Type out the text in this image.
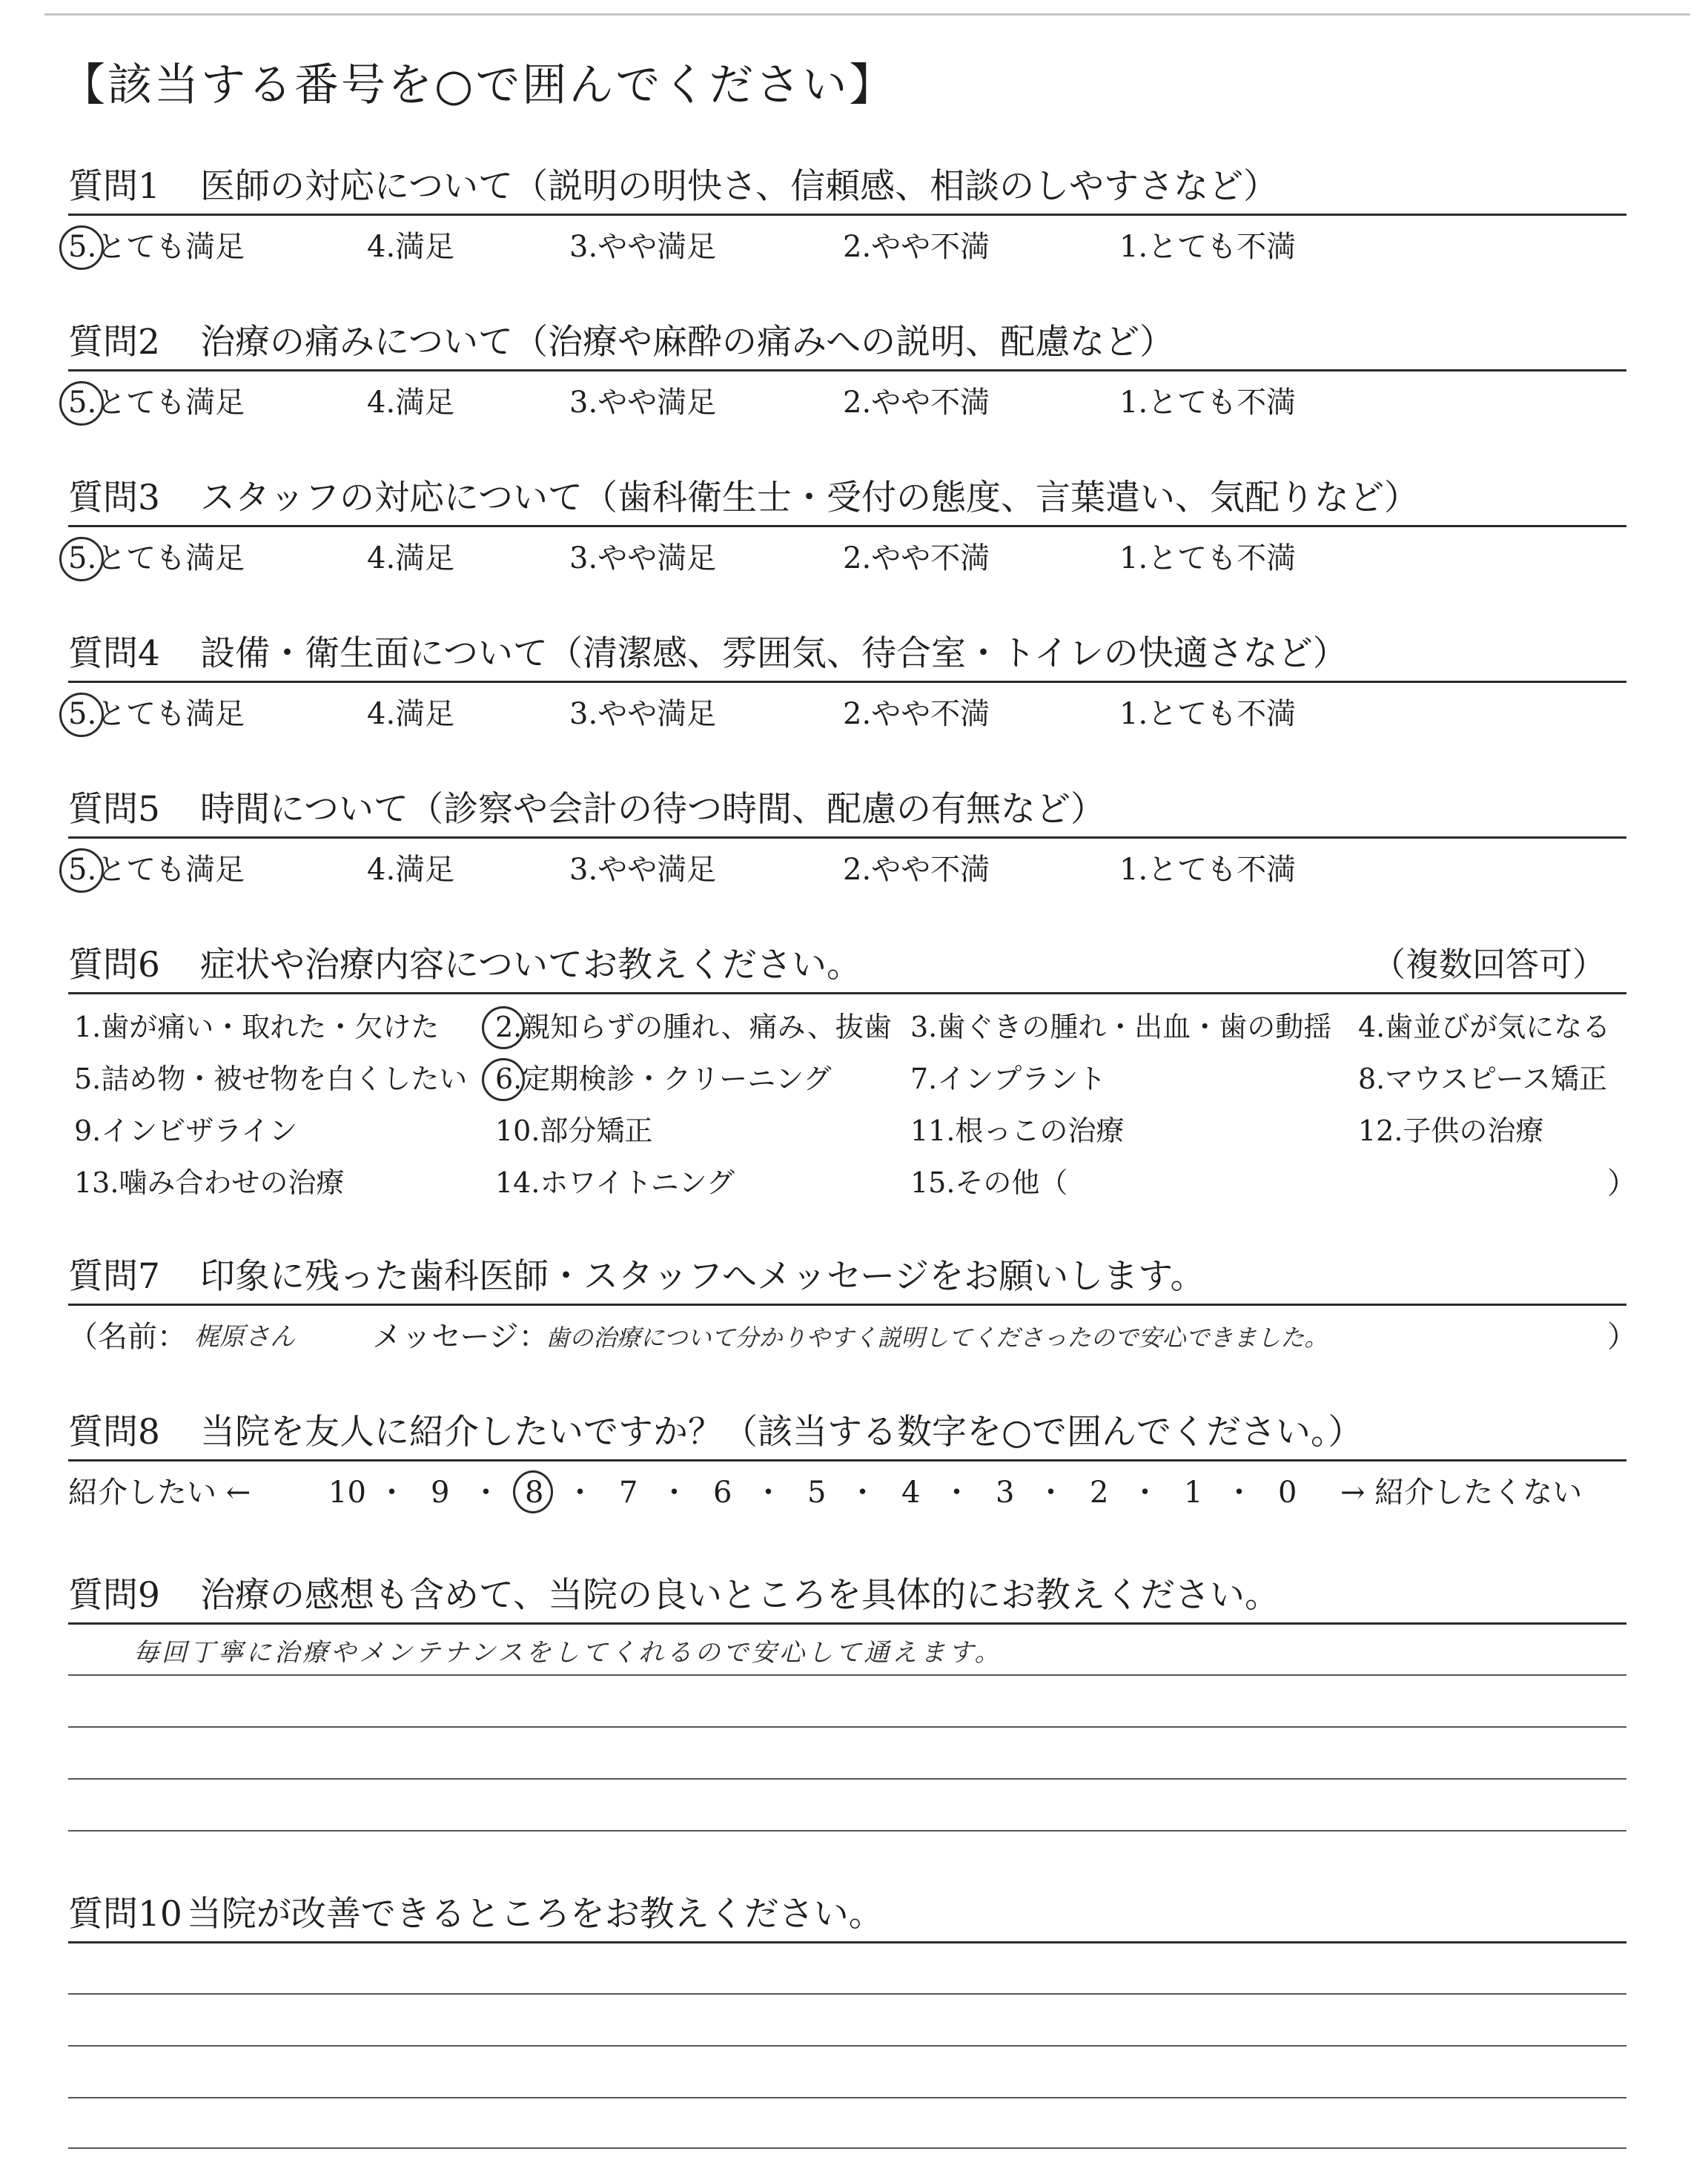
【該当する番号を○で囲んでください】
質問1 医師の対応について（説明の明快さ、信頼感、相談のしやすさなど）
5.とても満足	4.満足	3.やや満足	2.やや不満	1.とても不満
質問2 治療の痛みについて（治療や麻酔の痛みへの説明、配慮など）
5.とても満足	4.満足	3.やや満足	2.やや不満	1.とても不満
質問3 スタッフの対応について（歯科衛生士・受付の態度、言葉遣い、気配りなど）
5.とても満足	4.満足	3.やや満足	2.やや不満	1.とても不満
質問4 設備・衛生面について（清潔感、雰囲気、待合室・トイレの快適さなど）
5.とても満足	4.満足	3.やや満足	2.やや不満	1.とても不満
質問5 時間について（診察や会計の待つ時間、配慮の有無など）
5.とても満足	4.満足	3.やや満足	2.やや不満	1.とても不満
質問6 症状や治療内容についてお教えください。	（複数回答可）
1.歯が痛い・取れた・欠けた 2.親知らずの腫れ、痛み、抜歯 3.歯ぐきの腫れ・出血・歯の動揺 4.歯並びが気になる
5.詰め物・被せ物を白くしたい 6.定期検診・クリーニング	7.インプラント	8.マウスピース矯正
9.インビザライン	10.部分矯正	11.根っこの治療	12.子供の治療
13.噛み合わせの治療	14.ホワイトニング	15.その他（	）
質問7 印象に残った歯科医師・スタッフへメッセージをお願いします。
（名前： 梶原さん	メッセージ：
歯の治療について分かりやすく説明してくださったので安心できました。	）
質問8 当院を友人に紹介したいですか？（該当する数字を○で囲んでください。）
紹介したい ←	→ 紹介したくない
10 ・ 9 ・ 8 ・ 7 ・ 6 ・ 5 ・ 4 ・ 3 ・ 2 ・ 1 ・ 0
質問9 治療の感想も含めて、当院の良いところを具体的にお教えください。
毎回丁寧に治療やメンテナンスをしてくれるので安心して通えます。
質問10 当院が改善できるところをお教えください。
